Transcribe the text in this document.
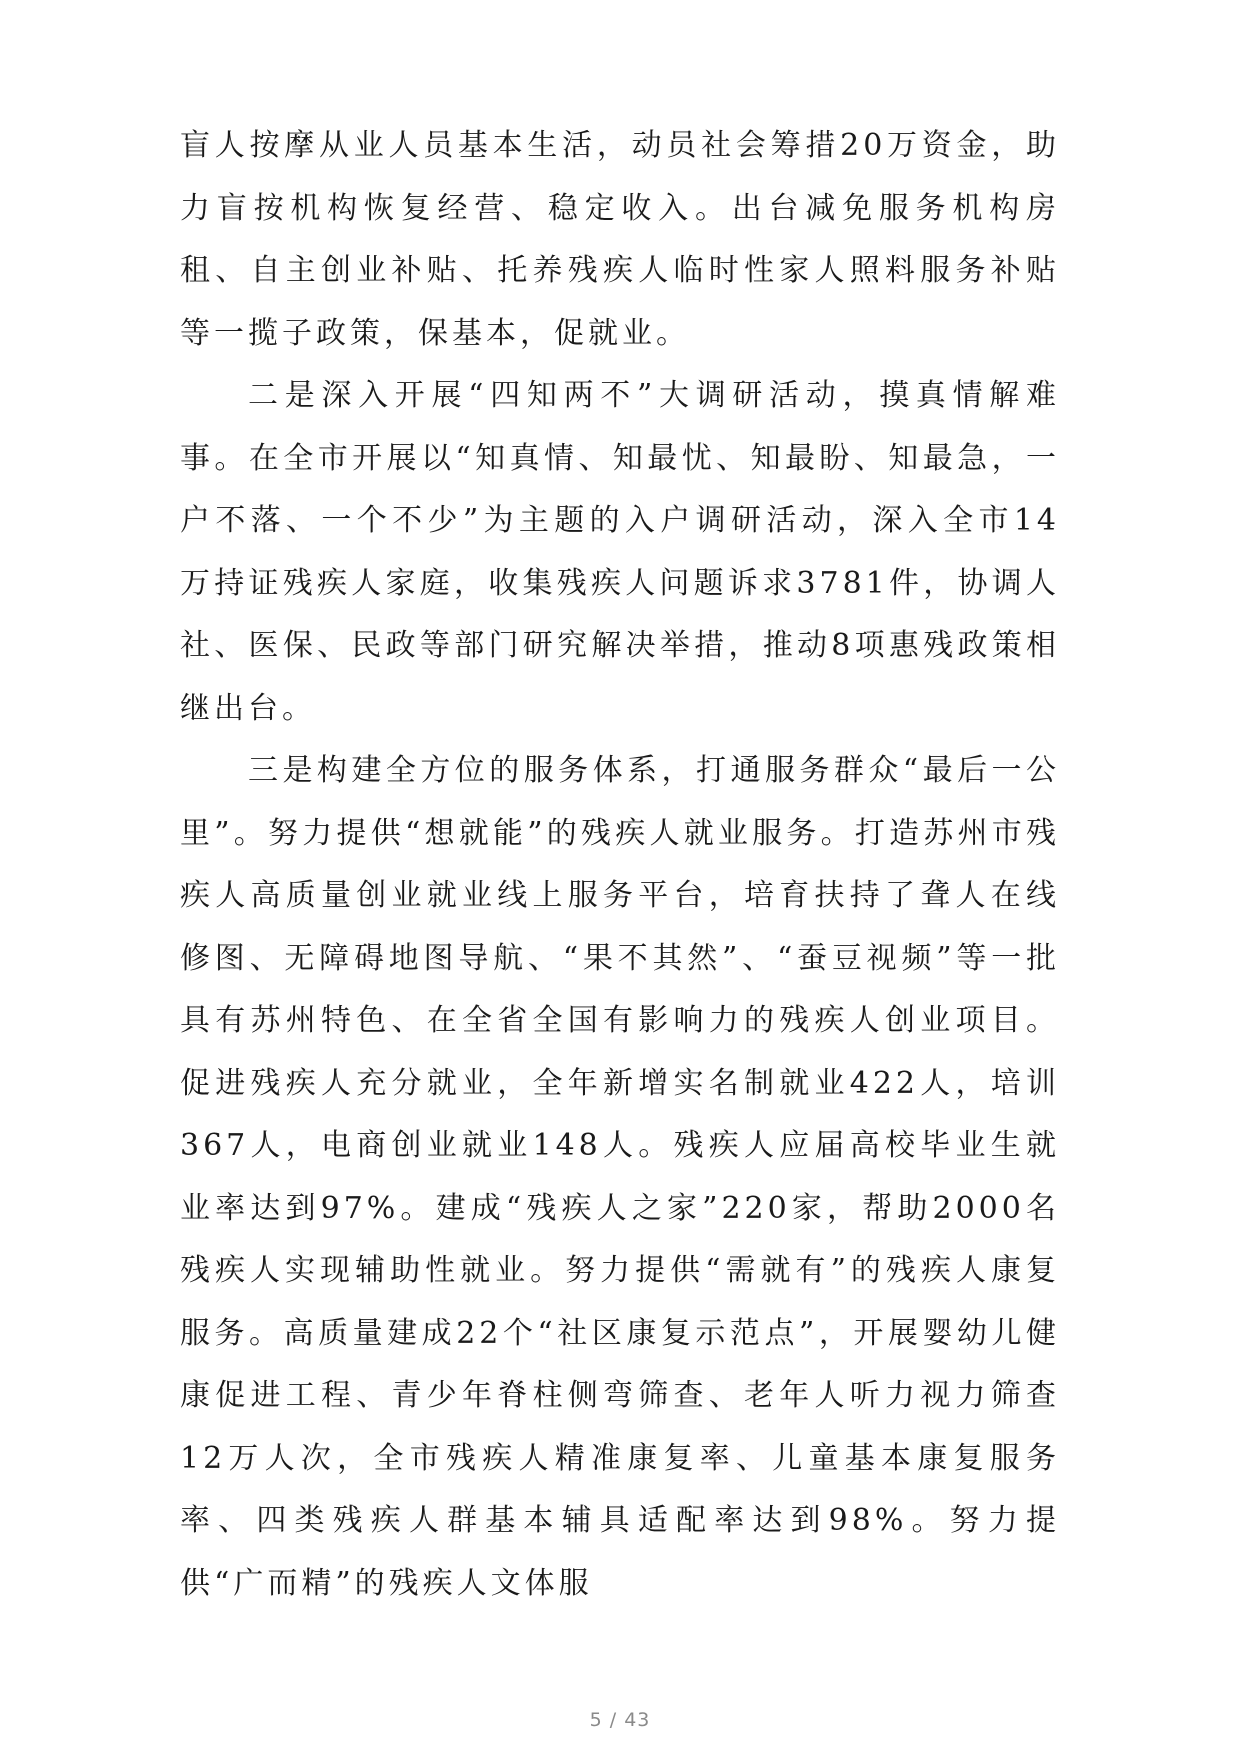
盲人按摩从业人员基本生活，动员社会筹措20万资金，助力盲按机构恢复经营、稳定收入。出台减免服务机构房租、自主创业补贴、托养残疾人临时性家人照料服务补贴等一揽子政策，保基本，促就业。

二是深入开展“四知两不”大调研活动，摸真情解难事。在全市开展以“知真情、知最忧、知最盼、知最急，一户不落、一个不少”为主题的入户调研活动，深入全市14万持证残疾人家庭，收集残疾人问题诉求3781件，协调人社、医保、民政等部门研究解决举措，推动8项惠残政策相继出台。

三是构建全方位的服务体系，打通服务群众“最后一公里”。努力提供“想就能”的残疾人就业服务。打造苏州市残疾人高质量创业就业线上服务平台，培育扶持了聋人在线修图、无障碍地图导航、“果不其然”、“蚕豆视频”等一批具有苏州特色、在全省全国有影响力的残疾人创业项目。促进残疾人充分就业，全年新增实名制就业422人，培训367人，电商创业就业148人。残疾人应届高校毕业生就业率达到97%。建成“残疾人之家”220家，帮助2000名残疾人实现辅助性就业。努力提供“需就有”的残疾人康复服务。高质量建成22个“社区康复示范点”，开展婴幼儿健康促进工程、青少年脊柱侧弯筛查、老年人听力视力筛查12万人次，全市残疾人精准康复率、儿童基本康复服务率、四类残疾人群基本辅具适配率达到98%。努力提供“广而精”的残疾人文体服

5 / 43
